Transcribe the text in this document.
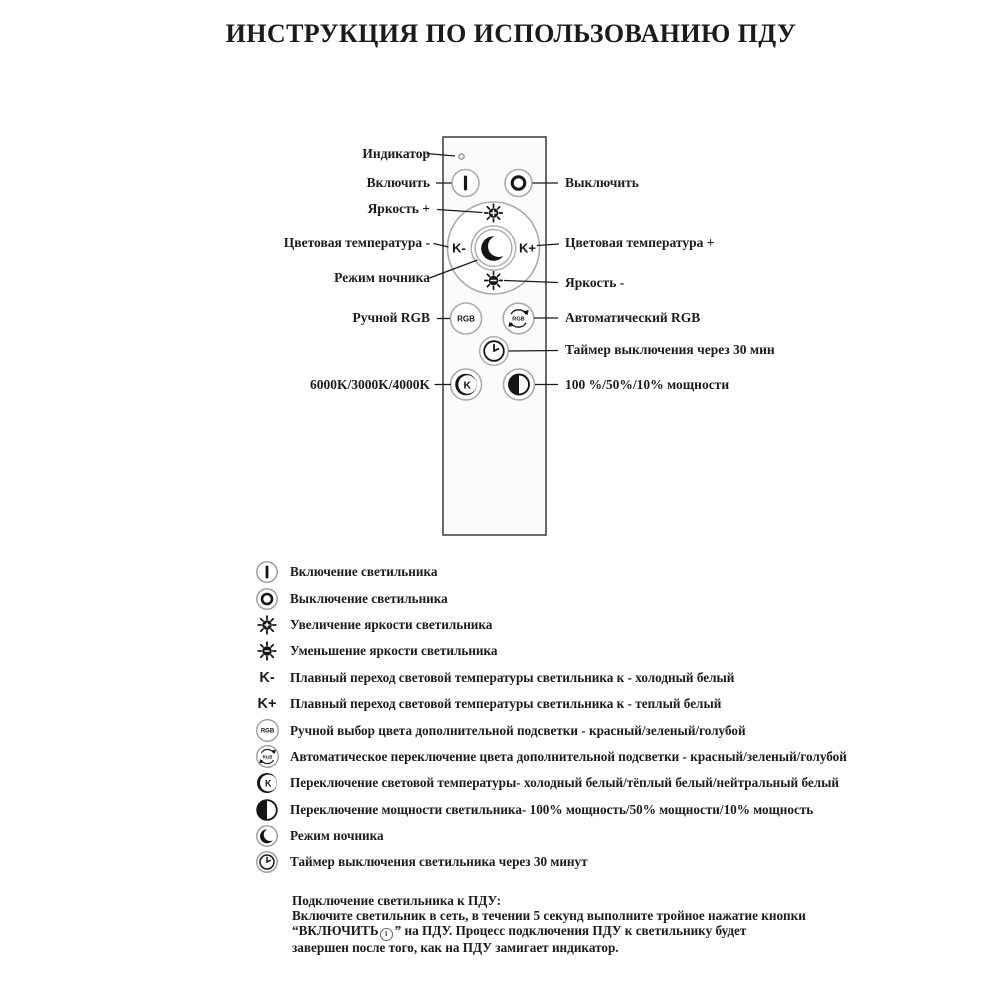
ИНСТРУКЦИЯ ПО ИСПОЛЬЗОВАНИЮ ПДУ
K-	K+
RGB	RGB
K
Индикатор
Включить
Яркость +
Цветовая температура -
Режим ночника
Ручной RGB
6000K/3000K/4000K
Выключить
Цветовая температура +
Яркость -
Автоматический RGB
Таймер выключения через 30 мин
100 %/50%/10% мощности
Включение светильника
Выключение светильника
Увеличение яркости светильника
Уменьшение яркости светильника
K-	Плавный переход световой температуры светильника к - холодный белый
K+	Плавный переход световой температуры светильника к - теплый белый
RGB Ручной выбор цвета дополнительной подсветки - красный/зеленый/голубой
RGB Автоматическое переключение цвета дополнительной подсветки - красный/зеленый/голубой
K Переключение световой температуры- холодный белый/тёплый белый/нейтральный белый
Переключение мощности светильника- 100% мощность/50% мощности/10% мощность
Режим ночника
Таймер выключения светильника через 30 минут
Подключение светильника к ПДУ:
Включите светильник в сеть, в течении 5 секунд выполните тройное нажатие кнопки
“ВКЛЮЧИТЬ I ” на ПДУ. Процесс подключения ПДУ к светильнику будет
завершен после того, как на ПДУ замигает индикатор.
